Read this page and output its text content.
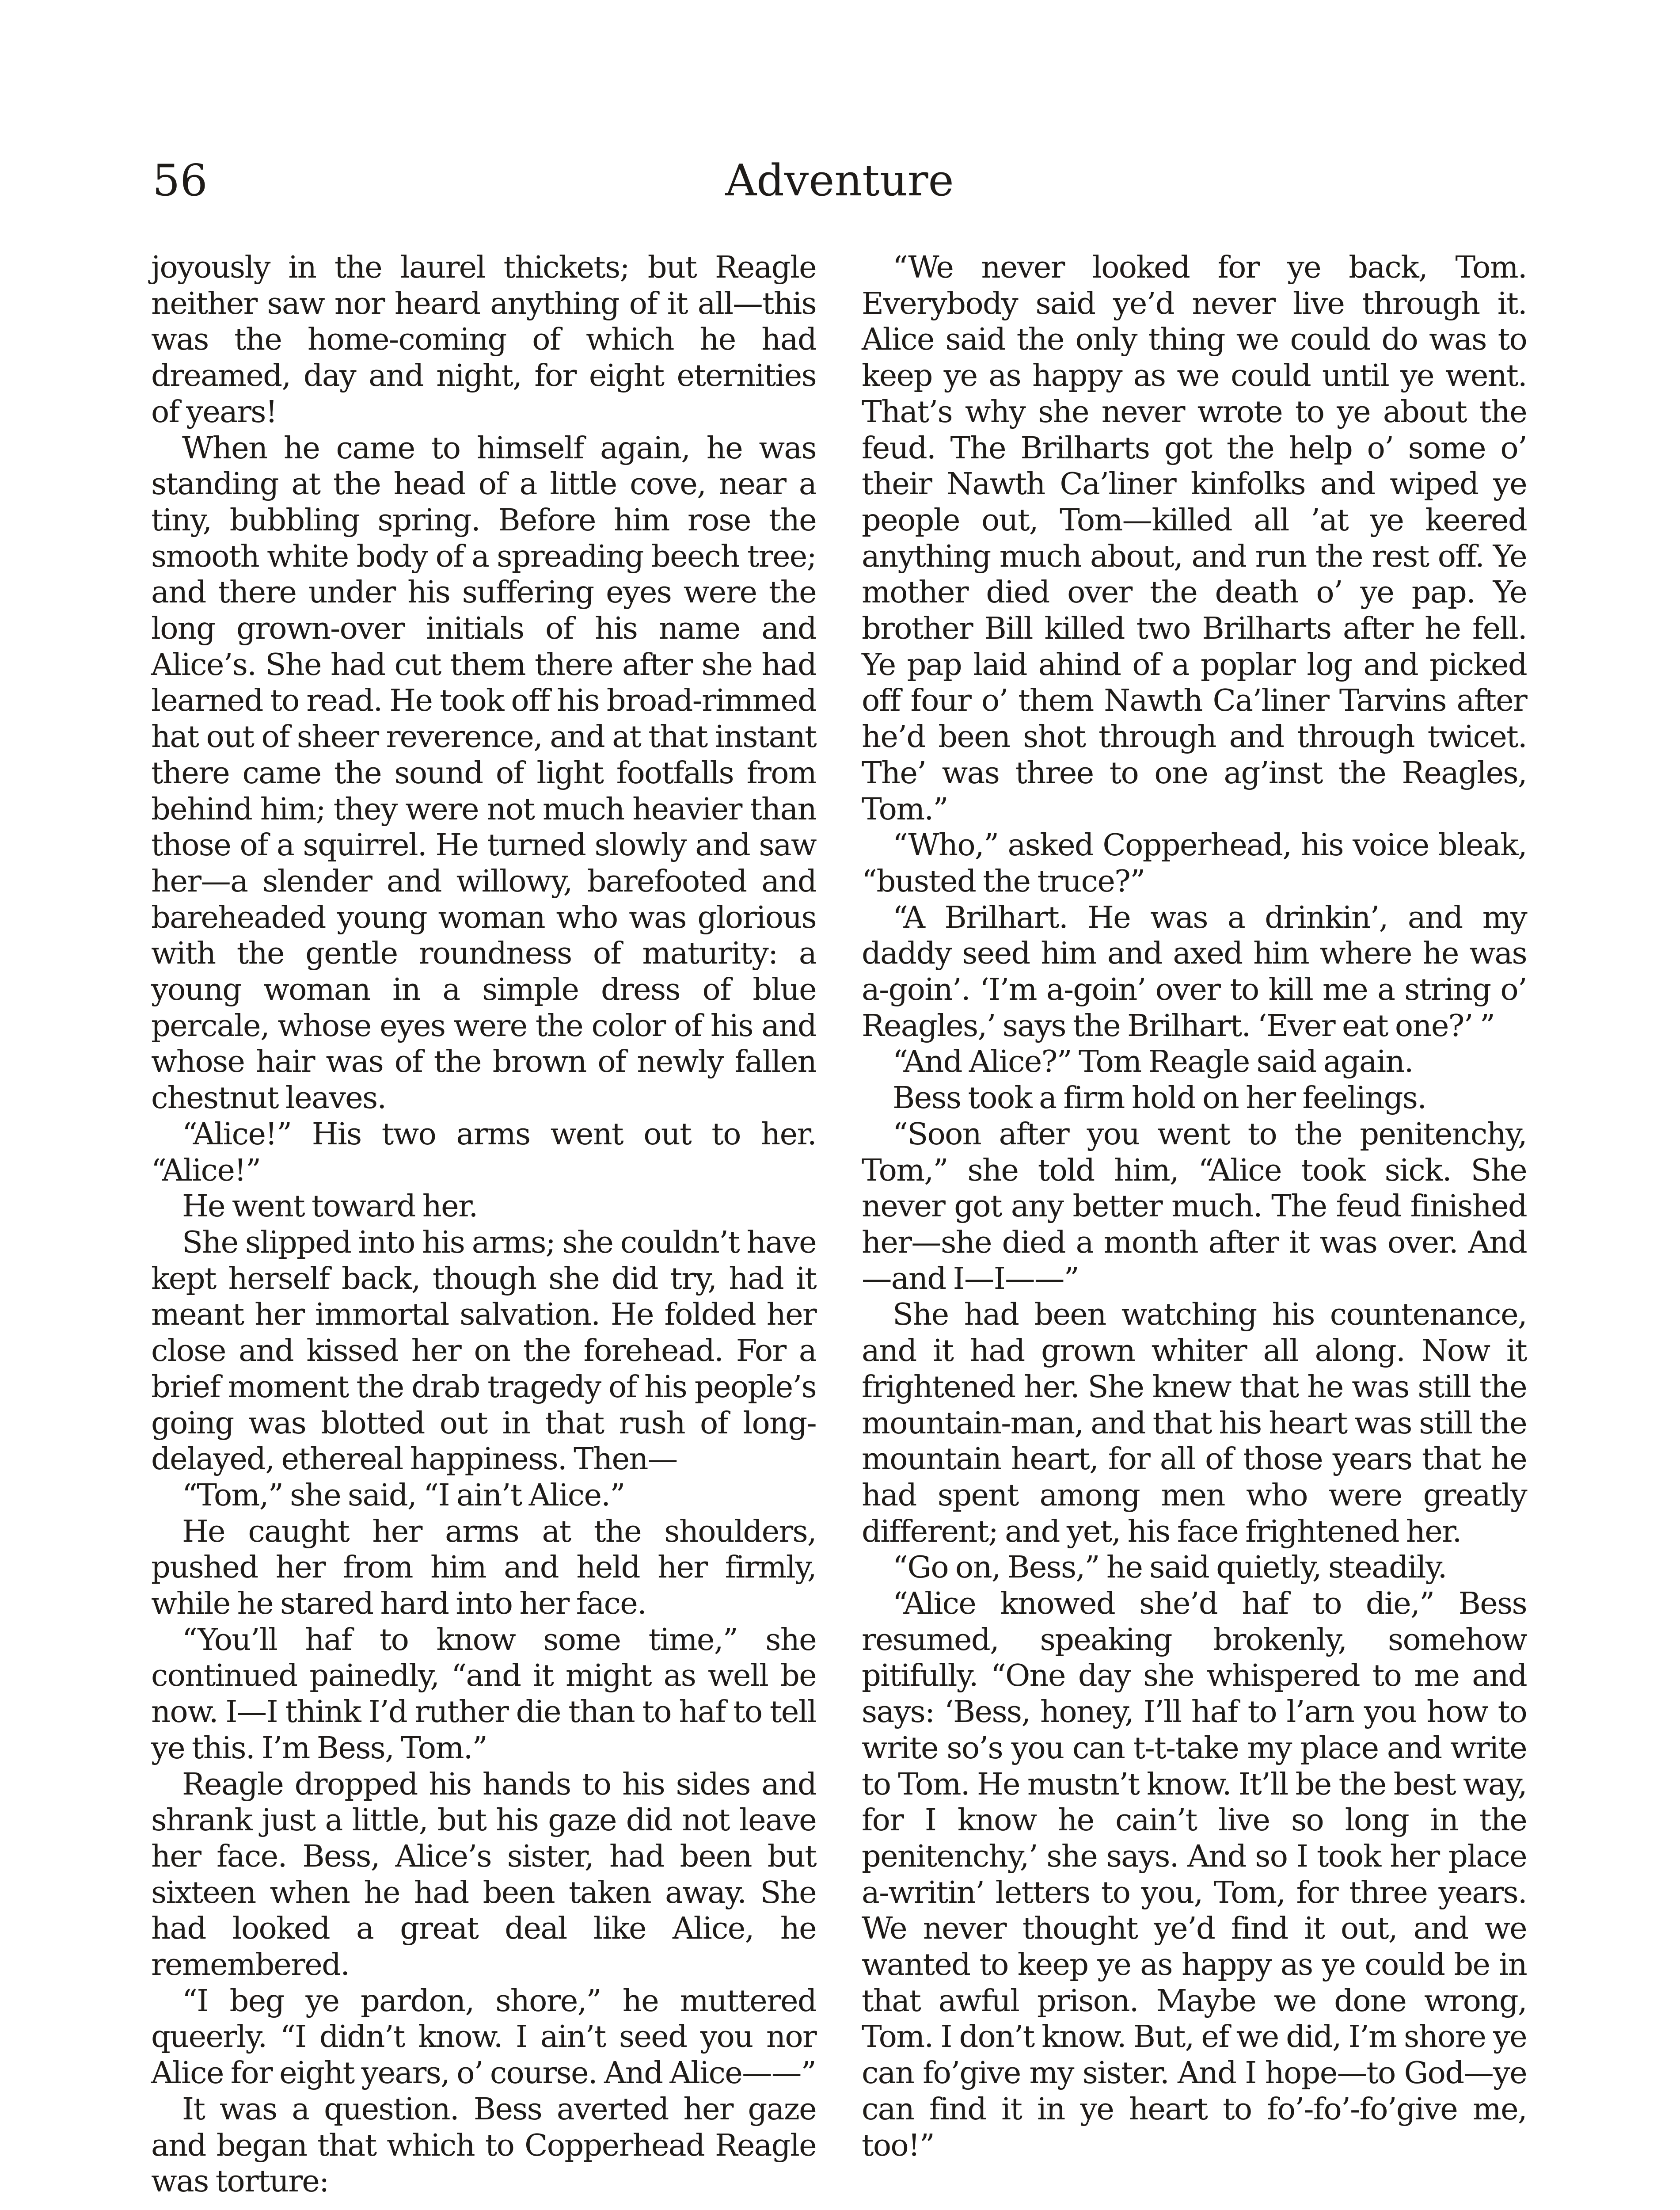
56	Adventure

joyously in the laurel thickets; but Reagle neither saw nor heard anything of it all—this was the home-coming of which he had dreamed, day and night, for eight eternities of years!

When he came to himself again, he was standing at the head of a little cove, near a tiny, bubbling spring. Before him rose the smooth white body of a spreading beech tree; and there under his suffering eyes were the long grown-over initials of his name and Alice’s. She had cut them there after she had learned to read. He took off his broad-rimmed hat out of sheer reverence, and at that instant there came the sound of light footfalls from behind him; they were not much heavier than those of a squirrel. He turned slowly and saw her—a slender and willowy, barefooted and bareheaded young woman who was glorious with the gentle roundness of maturity: a young woman in a simple dress of blue percale, whose eyes were the color of his and whose hair was of the brown of newly fallen chestnut leaves.

“Alice!” His two arms went out to her. “Alice!”

He went toward her.

She slipped into his arms; she couldn’t have kept herself back, though she did try, had it meant her immortal salvation. He folded her close and kissed her on the forehead. For a brief moment the drab tragedy of his people’s going was blotted out in that rush of long-delayed, ethereal happiness. Then—

“Tom,” she said, “I ain’t Alice.”

He caught her arms at the shoulders, pushed her from him and held her firmly, while he stared hard into her face.

“You’ll haf to know some time,” she continued painedly, “and it might as well be now. I—I think I’d ruther die than to haf to tell ye this. I’m Bess, Tom.”

Reagle dropped his hands to his sides and shrank just a little, but his gaze did not leave her face. Bess, Alice’s sister, had been but sixteen when he had been taken away. She had looked a great deal like Alice, he remembered.

“I beg ye pardon, shore,” he muttered queerly. “I didn’t know. I ain’t seed you nor Alice for eight years, o’ course. And Alice——”

It was a question. Bess averted her gaze and began that which to Copperhead Reagle was torture:

“We never looked for ye back, Tom. Everybody said ye’d never live through it. Alice said the only thing we could do was to keep ye as happy as we could until ye went. That’s why she never wrote to ye about the feud. The Brilharts got the help o’ some o’ their Nawth Ca’liner kinfolks and wiped ye people out, Tom—killed all ’at ye keered anything much about, and run the rest off. Ye mother died over the death o’ ye pap. Ye brother Bill killed two Brilharts after he fell. Ye pap laid ahind of a poplar log and picked off four o’ them Nawth Ca’liner Tarvins after he’d been shot through and through twicet. The’ was three to one ag’inst the Reagles, Tom.”

“Who,” asked Copperhead, his voice bleak, “busted the truce?”

“A Brilhart. He was a drinkin’, and my daddy seed him and axed him where he was a-goin’. ‘I’m a-goin’ over to kill me a string o’ Reagles,’ says the Brilhart. ‘Ever eat one?’ ”

“And Alice?” Tom Reagle said again.

Bess took a firm hold on her feelings.

“Soon after you went to the penitenchy, Tom,” she told him, “Alice took sick. She never got any better much. The feud finished her—she died a month after it was over. And—and I—I——”

She had been watching his countenance, and it had grown whiter all along. Now it frightened her. She knew that he was still the mountain-man, and that his heart was still the mountain heart, for all of those years that he had spent among men who were greatly different; and yet, his face frightened her.

“Go on, Bess,” he said quietly, steadily.

“Alice knowed she’d haf to die,” Bess resumed, speaking brokenly, somehow pitifully. “One day she whispered to me and says: ‘Bess, honey, I’ll haf to l’arn you how to write so’s you can t-t-take my place and write to Tom. He mustn’t know. It’ll be the best way, for I know he cain’t live so long in the penitenchy,’ she says. And so I took her place a-writin’ letters to you, Tom, for three years. We never thought ye’d find it out, and we wanted to keep ye as happy as ye could be in that awful prison. Maybe we done wrong, Tom. I don’t know. But, ef we did, I’m shore ye can fo’give my sister. And I hope—to God—ye can find it in ye heart to fo’-fo’-fo’give me, too!”
